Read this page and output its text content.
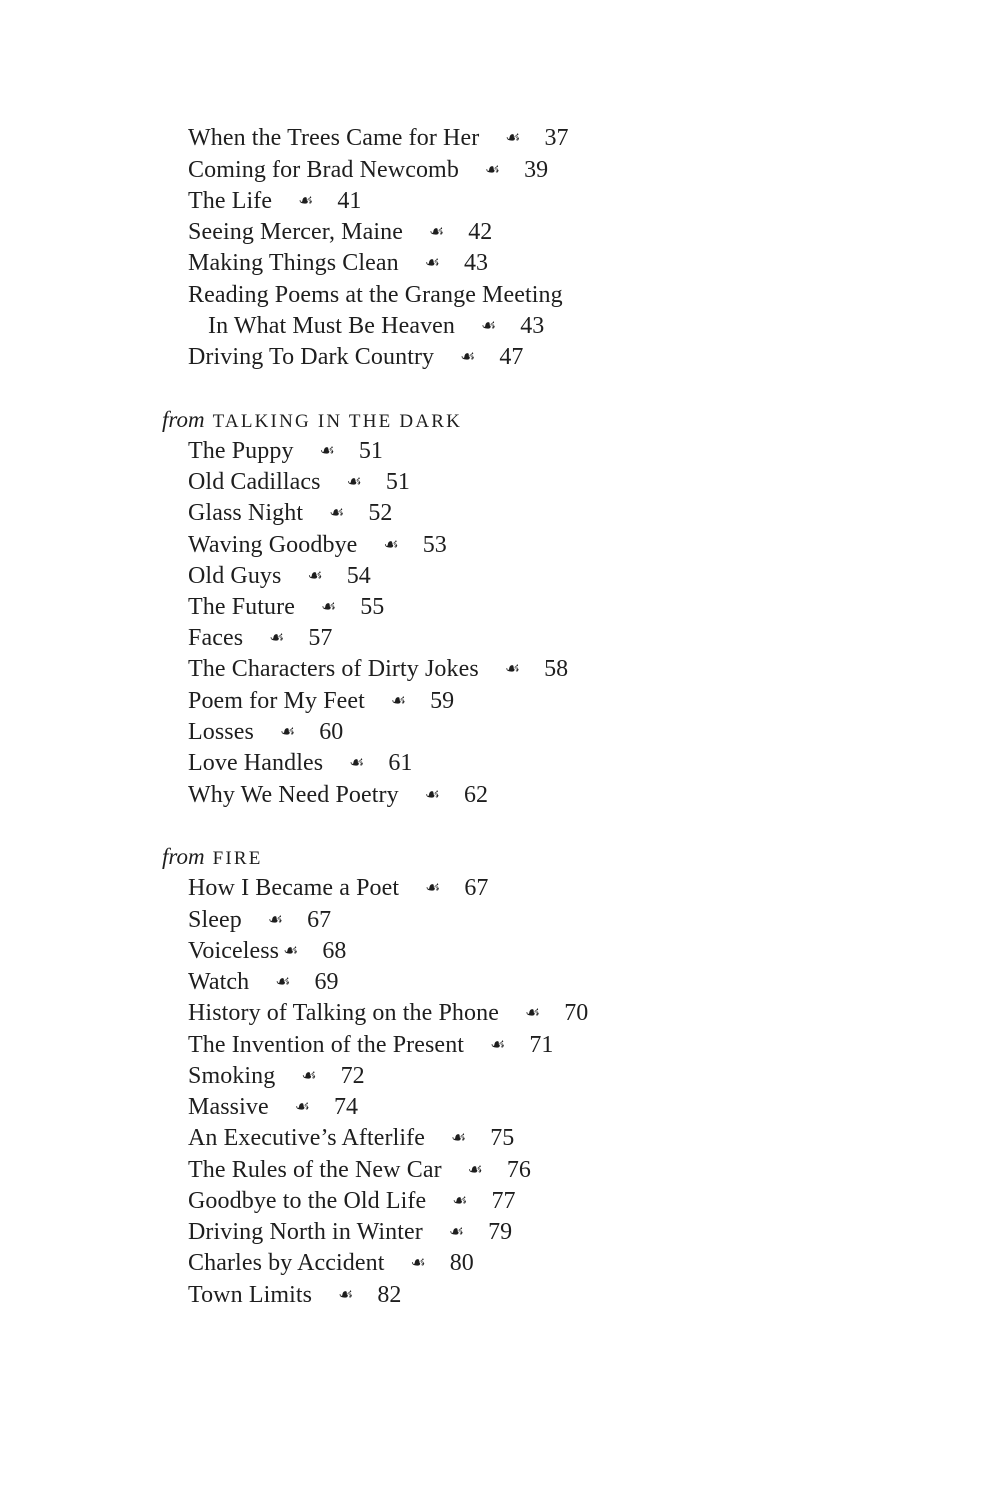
When the Trees Came for Her ☙ 37
Coming for Brad Newcomb ☙ 39
The Life ☙ 41
Seeing Mercer, Maine ☙ 42
Making Things Clean ☙ 43
Reading Poems at the Grange Meeting
In What Must Be Heaven ☙ 43
Driving To Dark Country ☙ 47
from TALKING IN THE DARK
The Puppy ☙ 51
Old Cadillacs ☙ 51
Glass Night ☙ 52
Waving Goodbye ☙ 53
Old Guys ☙ 54
The Future ☙ 55
Faces ☙ 57
The Characters of Dirty Jokes ☙ 58
Poem for My Feet ☙ 59
Losses ☙ 60
Love Handles ☙ 61
Why We Need Poetry ☙ 62
from FIRE
How I Became a Poet ☙ 67
Sleep ☙ 67
Voiceless ☙ 68
Watch ☙ 69
History of Talking on the Phone ☙ 70
The Invention of the Present ☙ 71
Smoking ☙ 72
Massive ☙ 74
An Executive’s Afterlife ☙ 75
The Rules of the New Car ☙ 76
Goodbye to the Old Life ☙ 77
Driving North in Winter ☙ 79
Charles by Accident ☙ 80
Town Limits ☙ 82
